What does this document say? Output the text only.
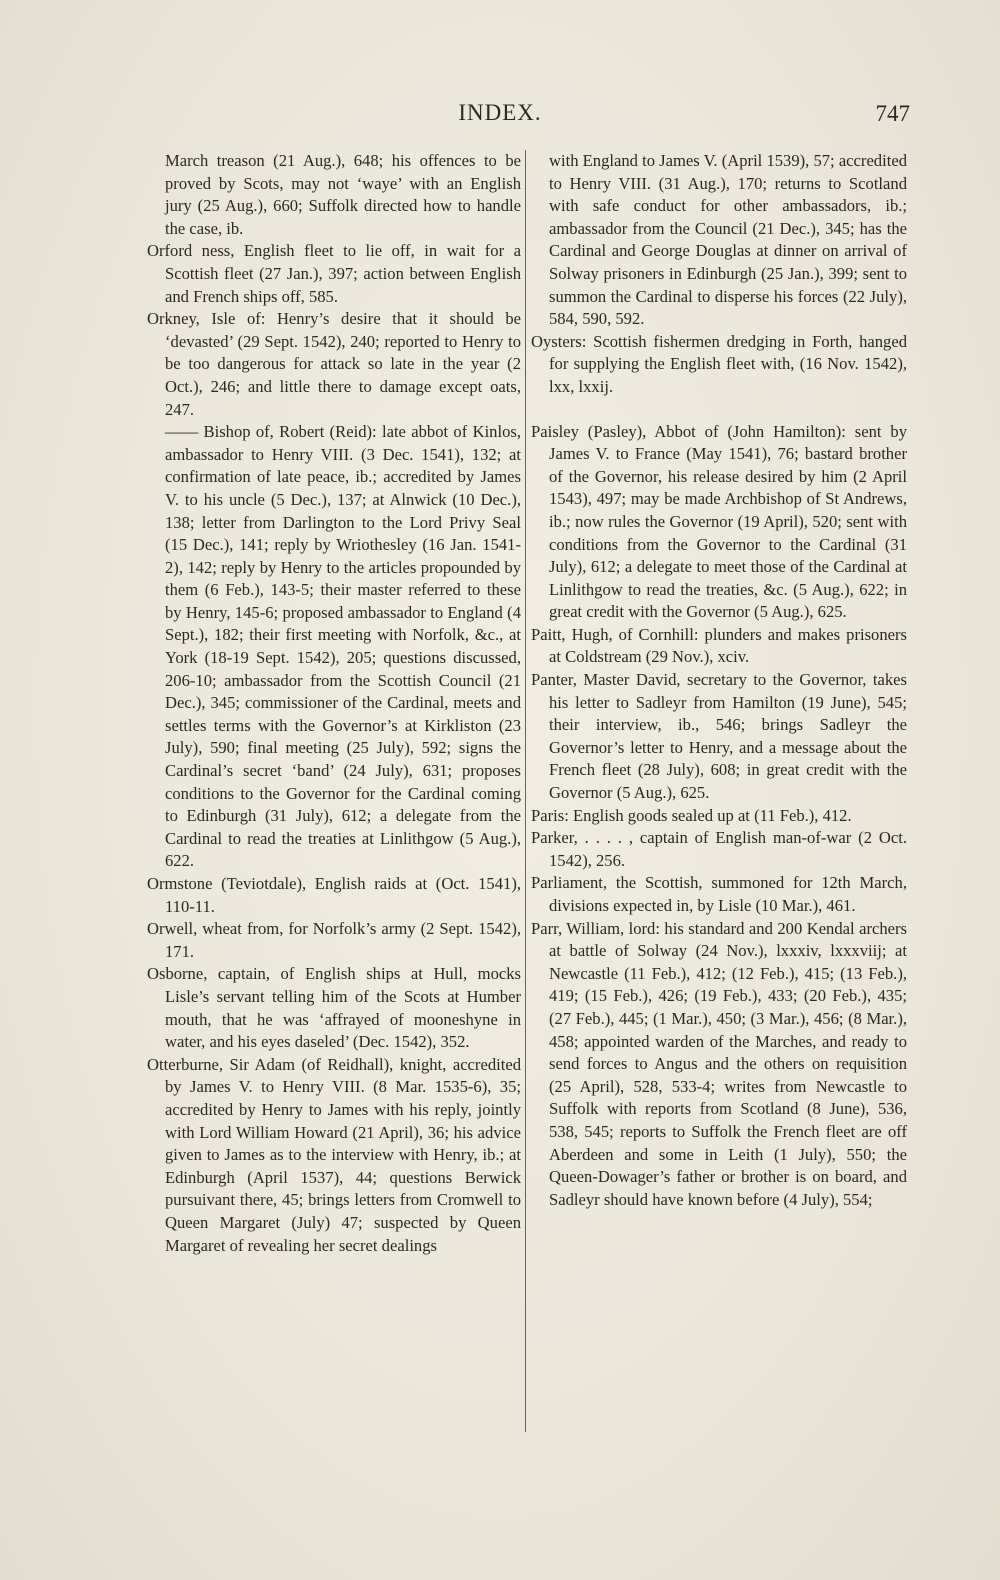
INDEX.	747

March treason (21 Aug.), 648; his offences to be proved by Scots, may not ‘waye’ with an English jury (25 Aug.), 660; Suffolk directed how to handle the case, ib.

Orford ness, English fleet to lie off, in wait for a Scottish fleet (27 Jan.), 397; action between English and French ships off, 585.

Orkney, Isle of: Henry’s desire that it should be ‘devasted’ (29 Sept. 1542), 240; reported to Henry to be too dangerous for attack so late in the year (2 Oct.), 246; and little there to damage except oats, 247.

—— Bishop of, Robert (Reid): late abbot of Kinlos, ambassador to Henry VIII. (3 Dec. 1541), 132; at confirmation of late peace, ib.; accredited by James V. to his uncle (5 Dec.), 137; at Alnwick (10 Dec.), 138; letter from Darlington to the Lord Privy Seal (15 Dec.), 141; reply by Wriothesley (16 Jan. 1541-2), 142; reply by Henry to the articles propounded by them (6 Feb.), 143-5; their master referred to these by Henry, 145-6; proposed ambassador to England (4 Sept.), 182; their first meeting with Norfolk, &c., at York (18-19 Sept. 1542), 205; questions discussed, 206-10; ambassador from the Scottish Council (21 Dec.), 345; commissioner of the Cardinal, meets and settles terms with the Governor’s at Kirkliston (23 July), 590; final meeting (25 July), 592; signs the Cardinal’s secret ‘band’ (24 July), 631; proposes conditions to the Governor for the Cardinal coming to Edinburgh (31 July), 612; a delegate from the Cardinal to read the treaties at Linlithgow (5 Aug.), 622.

Ormstone (Teviotdale), English raids at (Oct. 1541), 110-11.

Orwell, wheat from, for Norfolk’s army (2 Sept. 1542), 171.

Osborne, captain, of English ships at Hull, mocks Lisle’s servant telling him of the Scots at Humber mouth, that he was ‘affrayed of mooneshyne in water, and his eyes daseled’ (Dec. 1542), 352.

Otterburne, Sir Adam (of Reidhall), knight, accredited by James V. to Henry VIII. (8 Mar. 1535-6), 35; accredited by Henry to James with his reply, jointly with Lord William Howard (21 April), 36; his advice given to James as to the interview with Henry, ib.; at Edinburgh (April 1537), 44; questions Berwick pursuivant there, 45; brings letters from Cromwell to Queen Margaret (July) 47; suspected by Queen Margaret of revealing her secret dealings

with England to James V. (April 1539), 57; accredited to Henry VIII. (31 Aug.), 170; returns to Scotland with safe conduct for other ambassadors, ib.; ambassador from the Council (21 Dec.), 345; has the Cardinal and George Douglas at dinner on arrival of Solway prisoners in Edinburgh (25 Jan.), 399; sent to summon the Cardinal to disperse his forces (22 July), 584, 590, 592.

Oysters: Scottish fishermen dredging in Forth, hanged for supplying the English fleet with, (16 Nov. 1542), lxx, lxxij.

Paisley (Pasley), Abbot of (John Hamilton): sent by James V. to France (May 1541), 76; bastard brother of the Governor, his release desired by him (2 April 1543), 497; may be made Archbishop of St Andrews, ib.; now rules the Governor (19 April), 520; sent with conditions from the Governor to the Cardinal (31 July), 612; a delegate to meet those of the Cardinal at Linlithgow to read the treaties, &c. (5 Aug.), 622; in great credit with the Governor (5 Aug.), 625.

Paitt, Hugh, of Cornhill: plunders and makes prisoners at Coldstream (29 Nov.), xciv.

Panter, Master David, secretary to the Governor, takes his letter to Sadleyr from Hamilton (19 June), 545; their interview, ib., 546; brings Sadleyr the Governor’s letter to Henry, and a message about the French fleet (28 July), 608; in great credit with the Governor (5 Aug.), 625.

Paris: English goods sealed up at (11 Feb.), 412.

Parker, . . . . , captain of English man-of-war (2 Oct. 1542), 256.

Parliament, the Scottish, summoned for 12th March, divisions expected in, by Lisle (10 Mar.), 461.

Parr, William, lord: his standard and 200 Kendal archers at battle of Solway (24 Nov.), lxxxiv, lxxxviij; at Newcastle (11 Feb.), 412; (12 Feb.), 415; (13 Feb.), 419; (15 Feb.), 426; (19 Feb.), 433; (20 Feb.), 435; (27 Feb.), 445; (1 Mar.), 450; (3 Mar.), 456; (8 Mar.), 458; appointed warden of the Marches, and ready to send forces to Angus and the others on requisition (25 April), 528, 533-4; writes from Newcastle to Suffolk with reports from Scotland (8 June), 536, 538, 545; reports to Suffolk the French fleet are off Aberdeen and some in Leith (1 July), 550; the Queen-Dowager’s father or brother is on board, and Sadleyr should have known before (4 July), 554;
